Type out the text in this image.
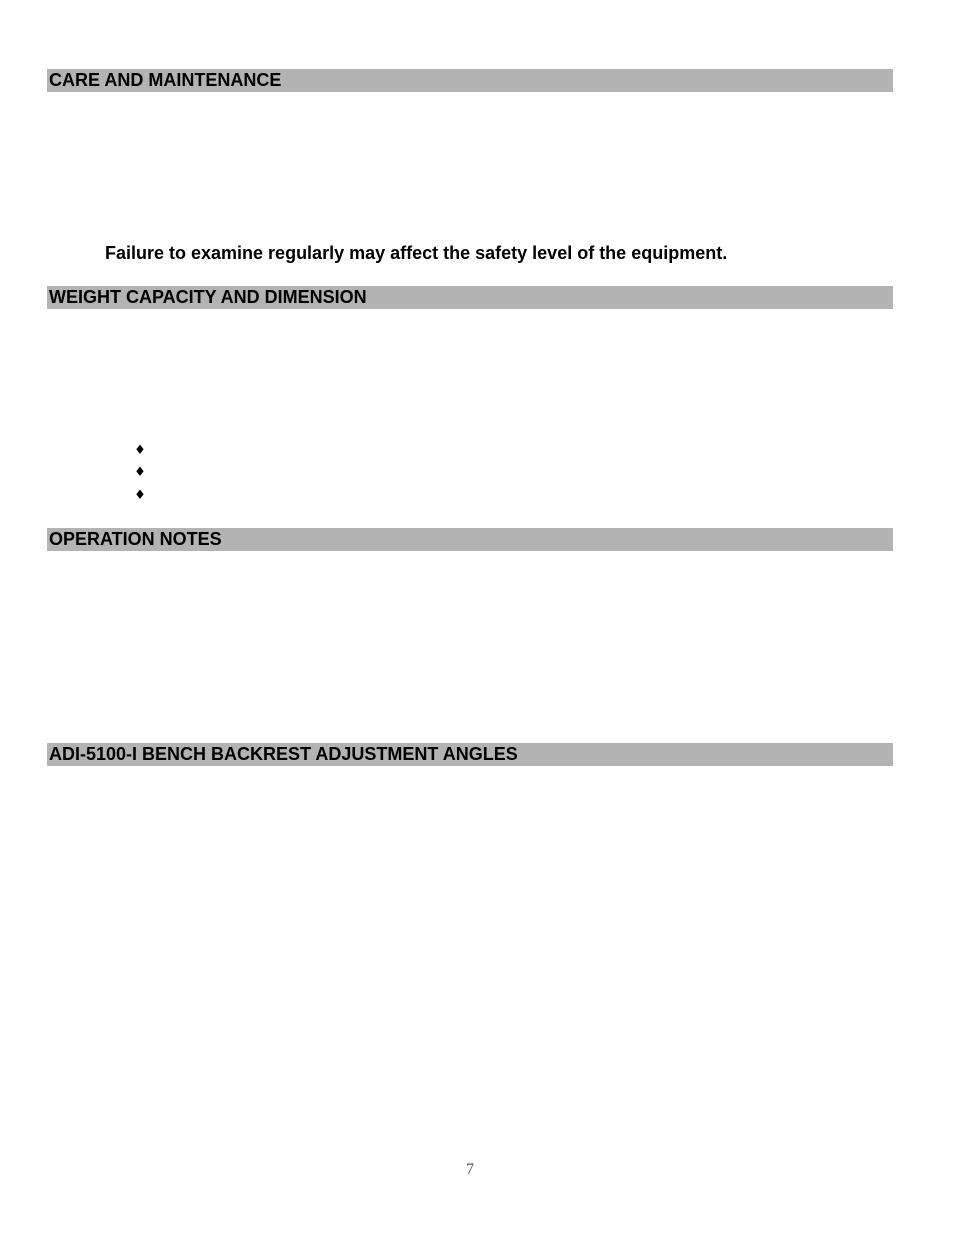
CARE AND MAINTENANCE
Failure to examine regularly may affect the safety level of the equipment.
WEIGHT CAPACITY AND DIMENSION
♦
♦
♦
OPERATION NOTES
ADI-5100-I BENCH BACKREST ADJUSTMENT ANGLES
7
